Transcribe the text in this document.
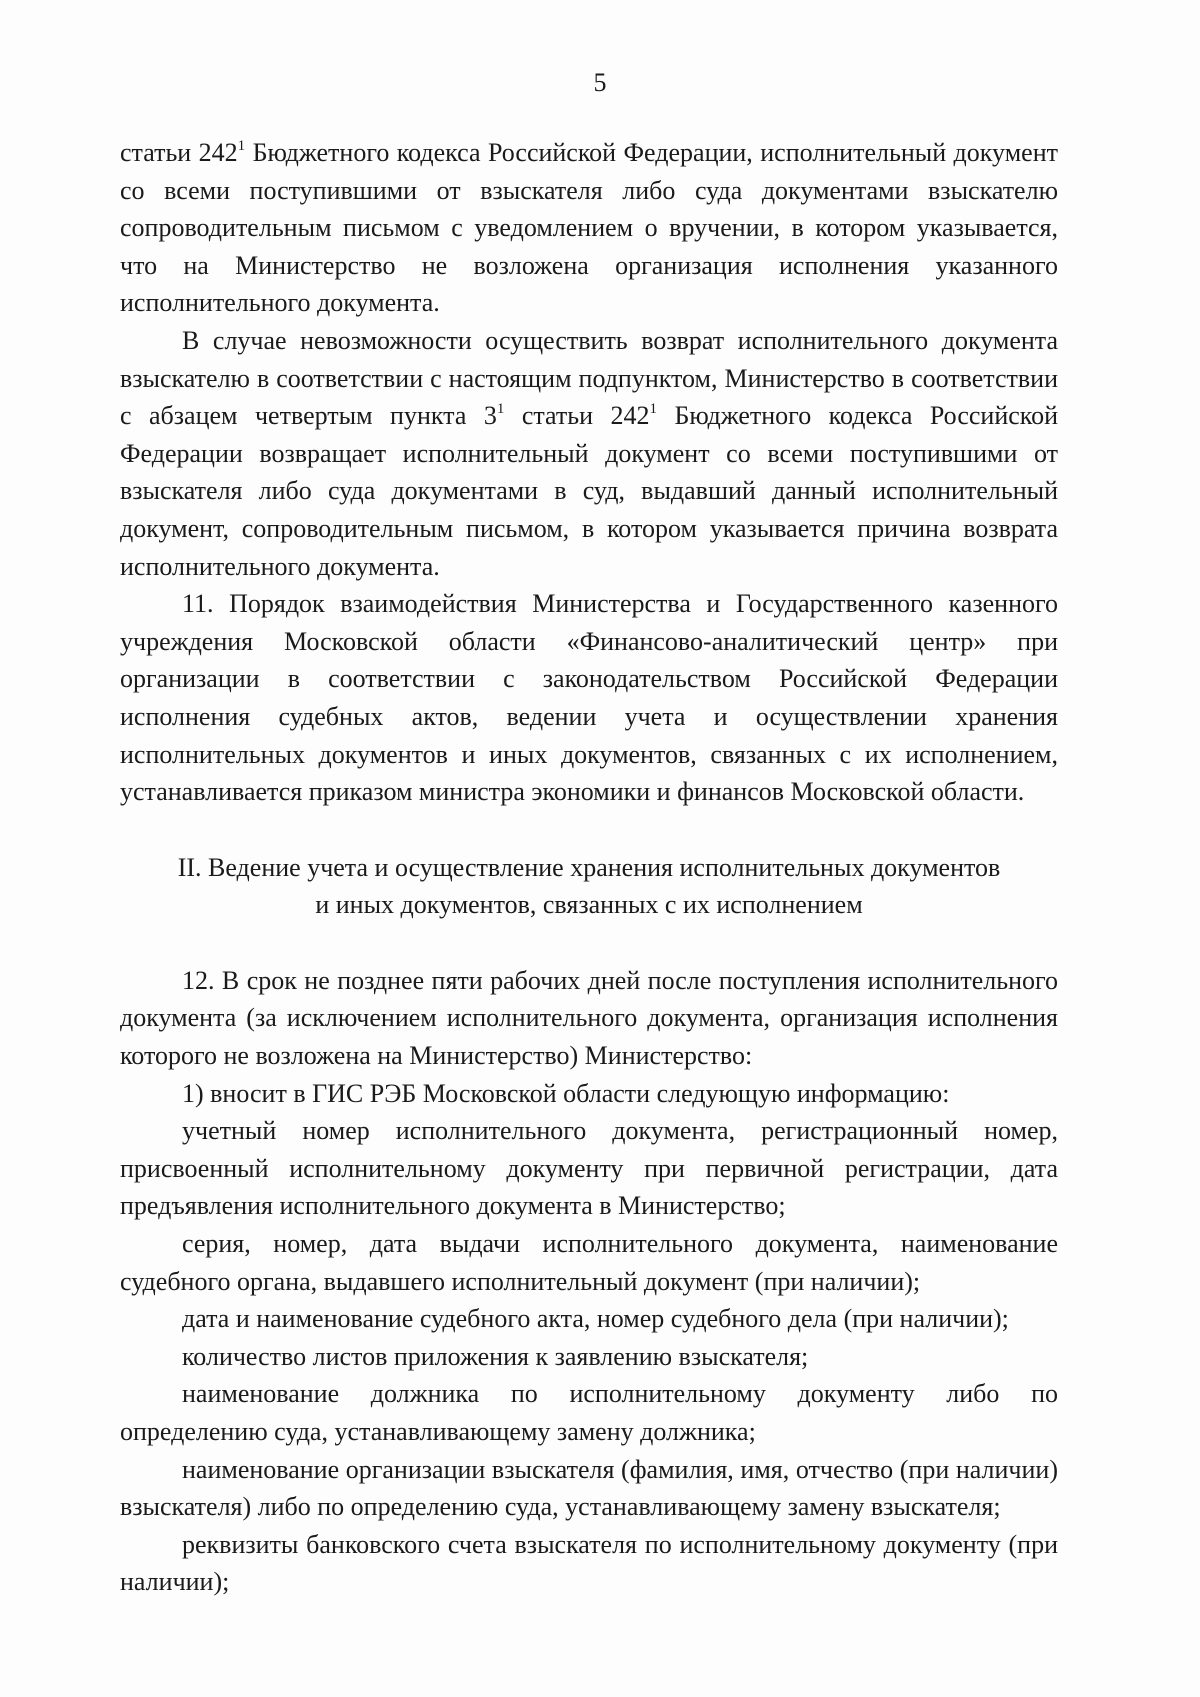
5

статьи $242^1$ Бюджетного кодекса Российской Федерации, исполнительный документ со всеми поступившими от взыскателя либо суда документами взыскателю сопроводительным письмом с уведомлением о вручении, в котором указывается, что на Министерство не возложена организация исполнения указанного исполнительного документа.

В случае невозможности осуществить возврат исполнительного документа взыскателю в соответствии с настоящим подпунктом, Министерство в соответствии с абзацем четвертым пункта $3^1$ статьи $242^1$ Бюджетного кодекса Российской Федерации возвращает исполнительный документ со всеми поступившими от взыскателя либо суда документами в суд, выдавший данный исполнительный документ, сопроводительным письмом, в котором указывается причина возврата исполнительного документа.

11. Порядок взаимодействия Министерства и Государственного казенного учреждения Московской области «Финансово-аналитический центр» при организации в соответствии с законодательством Российской Федерации исполнения судебных актов, ведении учета и осуществлении хранения исполнительных документов и иных документов, связанных с их исполнением, устанавливается приказом министра экономики и финансов Московской области.

II. Ведение учета и осуществление хранения исполнительных документов
и иных документов, связанных с их исполнением

12. В срок не позднее пяти рабочих дней после поступления исполнительного документа (за исключением исполнительного документа, организация исполнения которого не возложена на Министерство) Министерство:

1) вносит в ГИС РЭБ Московской области следующую информацию:

учетный номер исполнительного документа, регистрационный номер, присвоенный исполнительному документу при первичной регистрации, дата предъявления исполнительного документа в Министерство;

серия, номер, дата выдачи исполнительного документа, наименование судебного органа, выдавшего исполнительный документ (при наличии);

дата и наименование судебного акта, номер судебного дела (при наличии);

количество листов приложения к заявлению взыскателя;

наименование должника по исполнительному документу либо по определению суда, устанавливающему замену должника;

наименование организации взыскателя (фамилия, имя, отчество (при наличии) взыскателя) либо по определению суда, устанавливающему замену взыскателя;

реквизиты банковского счета взыскателя по исполнительному документу (при наличии);
